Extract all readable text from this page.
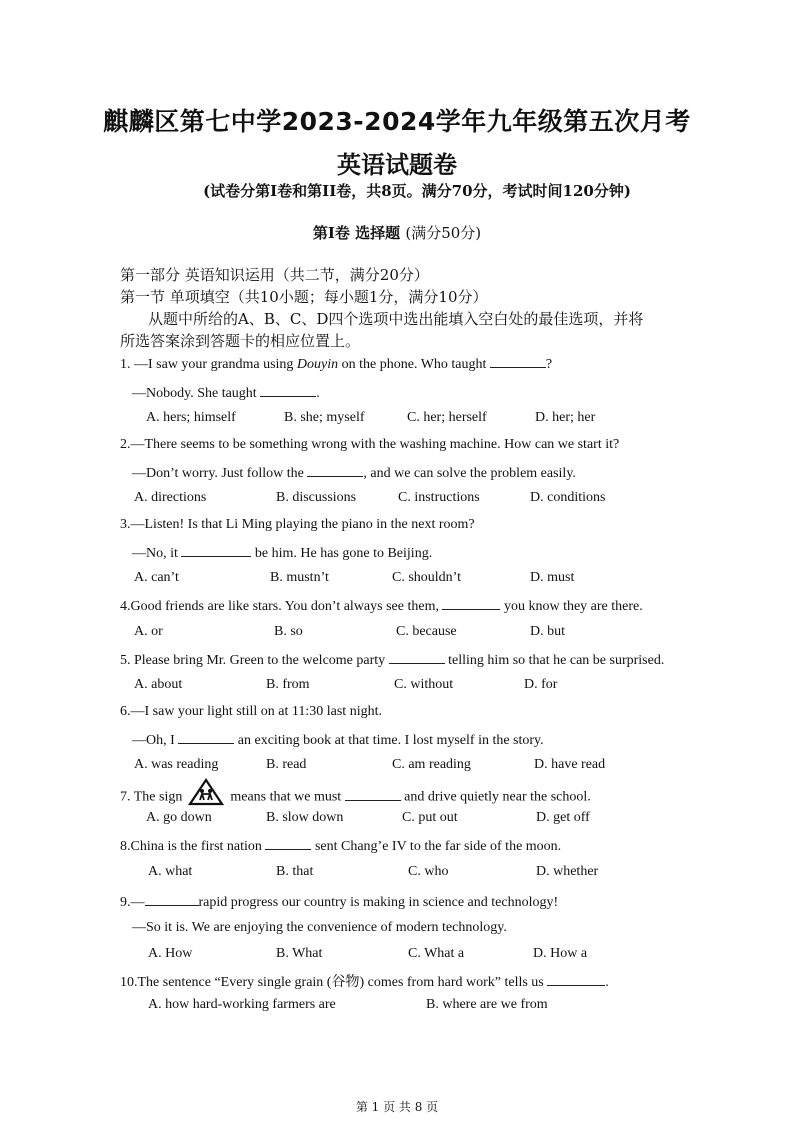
麒麟区第七中学2023-2024学年九年级第五次月考
英语试题卷
(试卷分第I卷和第II卷，共8页。满分70分，考试时间120分钟)
第I卷 选择题 (满分50分)
第一部分 英语知识运用（共二节，满分20分）
第一节 单项填空（共10小题；每小题1分，满分10分）
从题中所给的A、B、C、D四个选项中选出能填入空白处的最佳选项，并将
所选答案涂到答题卡的相应位置上。
1. —I saw your grandma using Douyin on the phone. Who taught	?
—Nobody. She taught	.
A. hers; himself	B. she; myself	C. her; herself	D. her; her
2.—There seems to be something wrong with the washing machine. How can we start it?
—Don’t worry. Just follow the	, and we can solve the problem easily.
A. directions	B. discussions	C. instructions	D. conditions
3.—Listen! Is that Li Ming playing the piano in the next room?
—No, it	be him. He has gone to Beijing.
A. can’t	B. mustn’t	C. shouldn’t	D. must
4.Good friends are like stars. You don’t always see them,	you know they are there.
A. or	B. so	C. because	D. but
5. Please bring Mr. Green to the welcome party	telling him so that he can be surprised.
A. about	B. from	C. without	D. for
6.—I saw your light still on at 11:30 last night.
—Oh, I	an exciting book at that time. I lost myself in the story.
A. was reading	B. read	C. am reading	D. have read
7. The sign	means that we must	and drive quietly near the school.
A. go down	B. slow down	C. put out	D. get off
8.China is the first nation	sent Chang’e IV to the far side of the moon.
A. what	B. that	C. who	D. whether
9.—	rapid progress our country is making in science and technology!
—So it is. We are enjoying the convenience of modern technology.
A. How	B. What	C. What a	D. How a
10.The sentence “Every single grain (谷物) comes from hard work” tells us	.
A. how hard-working farmers are	B. where are we from
第 1 页 共 8 页
